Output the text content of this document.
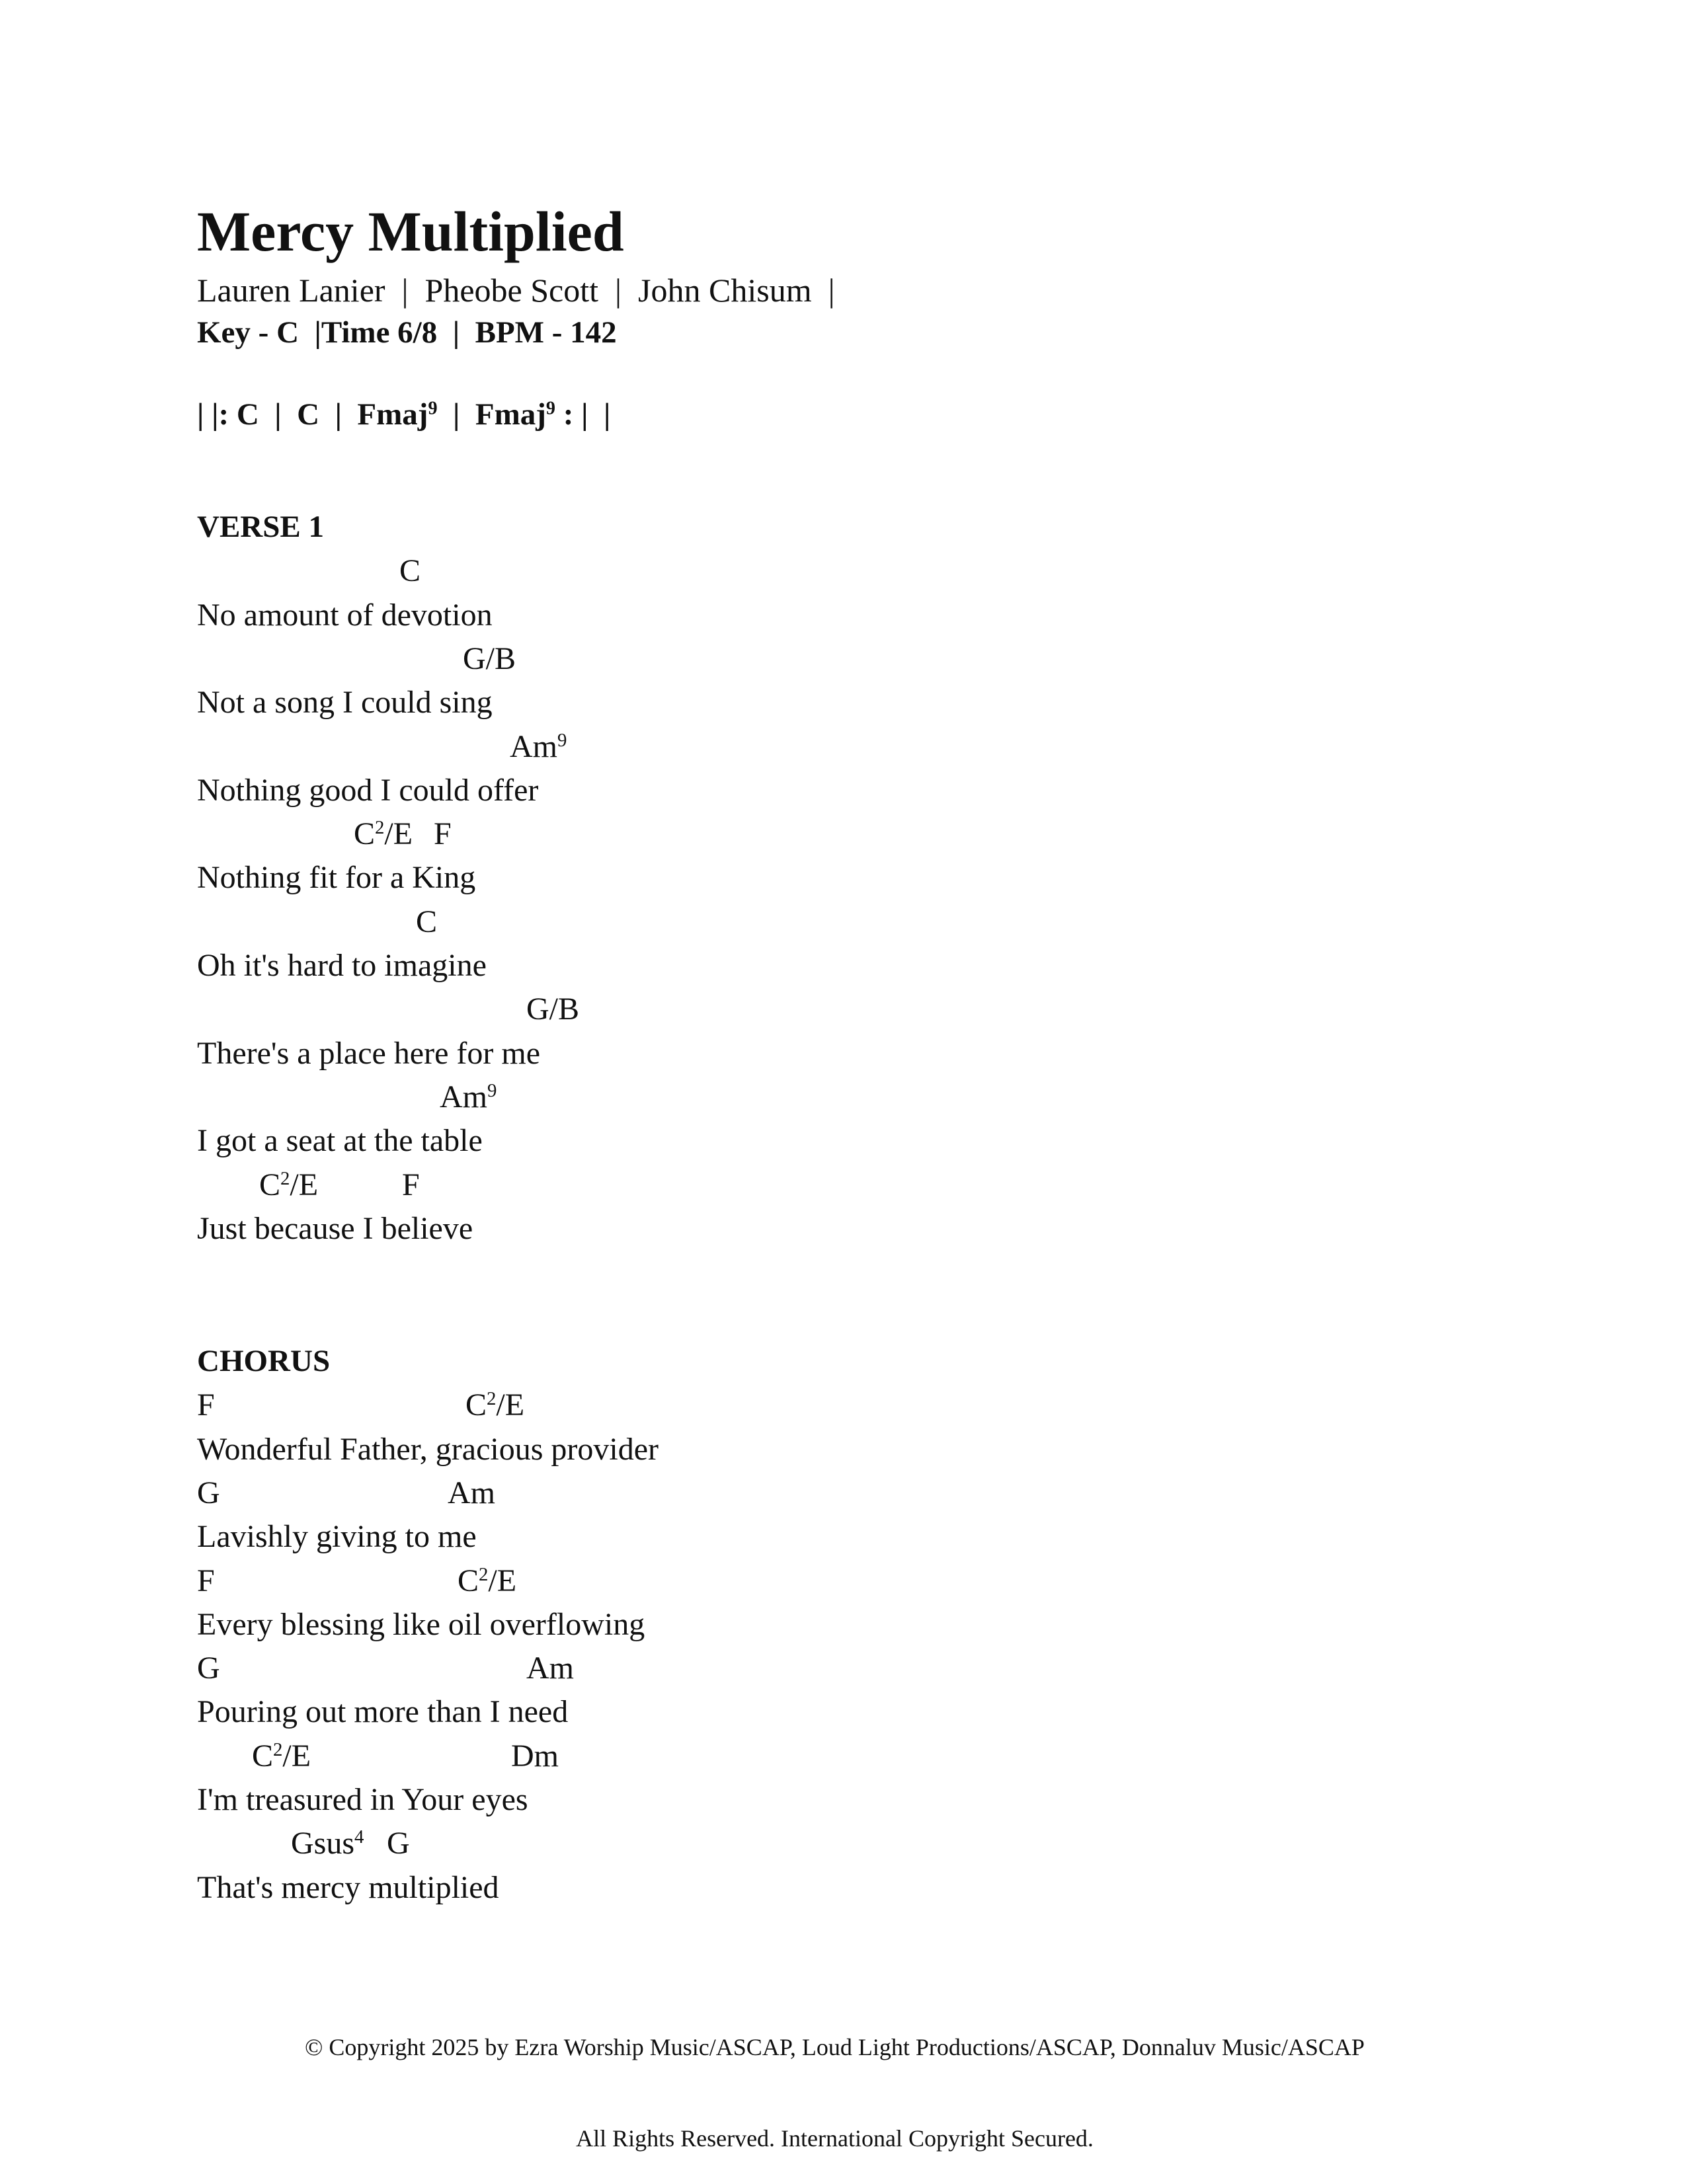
Mercy Multiplied
Lauren Lanier  |  Pheobe Scott  |  John Chisum  |
Key - C  |Time 6/8  |  BPM - 142
| |: C  |  C  |  Fmaj$^9$  |  Fmaj$^9$ : |  |
VERSE 1
C
No amount of devotion
G/B
Not a song I could sing
Am$^9$
Nothing good I could offer
$C^2/E$ F
Nothing fit for a King
C
Oh it's hard to imagine
G/B
There's a place here for me
Am$^9$
I got a seat at the table
$C^2/E$	F
Just because I believe
CHORUS
F	$C^2/E$
Wonderful Father, gracious provider
G	Am
Lavishly giving to me
F	$C^2/E$
Every blessing like oil overflowing
G	Am
Pouring out more than I need
$C^2/E$	Dm
I'm treasured in Your eyes
Gsus$^4$ G
That's mercy multiplied

© Copyright 2025 by Ezra Worship Music/ASCAP, Loud Light Productions/ASCAP, Donnaluv Music/ASCAP

All Rights Reserved. International Copyright Secured.
